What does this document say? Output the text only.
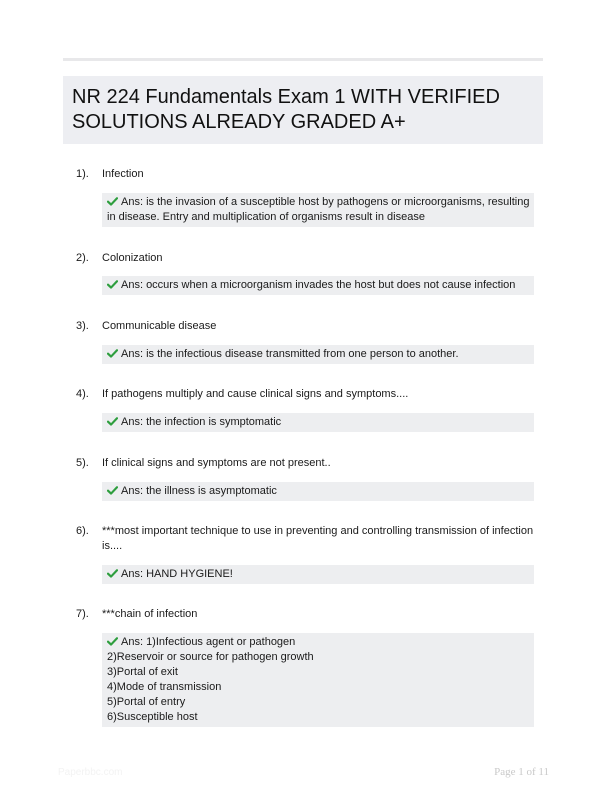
NR 224 Fundamentals Exam 1 WITH VERIFIED SOLUTIONS ALREADY GRADED A+
1). Infection
Ans: is the invasion of a susceptible host by pathogens or microorganisms, resulting in disease. Entry and multiplication of organisms result in disease
2). Colonization
Ans: occurs when a microorganism invades the host but does not cause infection
3). Communicable disease
Ans: is the infectious disease transmitted from one person to another.
4). If pathogens multiply and cause clinical signs and symptoms....
Ans: the infection is symptomatic
5). If clinical signs and symptoms are not present..
Ans: the illness is asymptomatic
6). ***most important technique to use in preventing and controlling transmission of infection is....
Ans: HAND HYGIENE!
7). ***chain of infection
Ans: 1)Infectious agent or pathogen
2)Reservoir or source for pathogen growth
3)Portal of exit
4)Mode of transmission
5)Portal of entry
6)Susceptible host
Paperbbc.com	Page 1 of 11
